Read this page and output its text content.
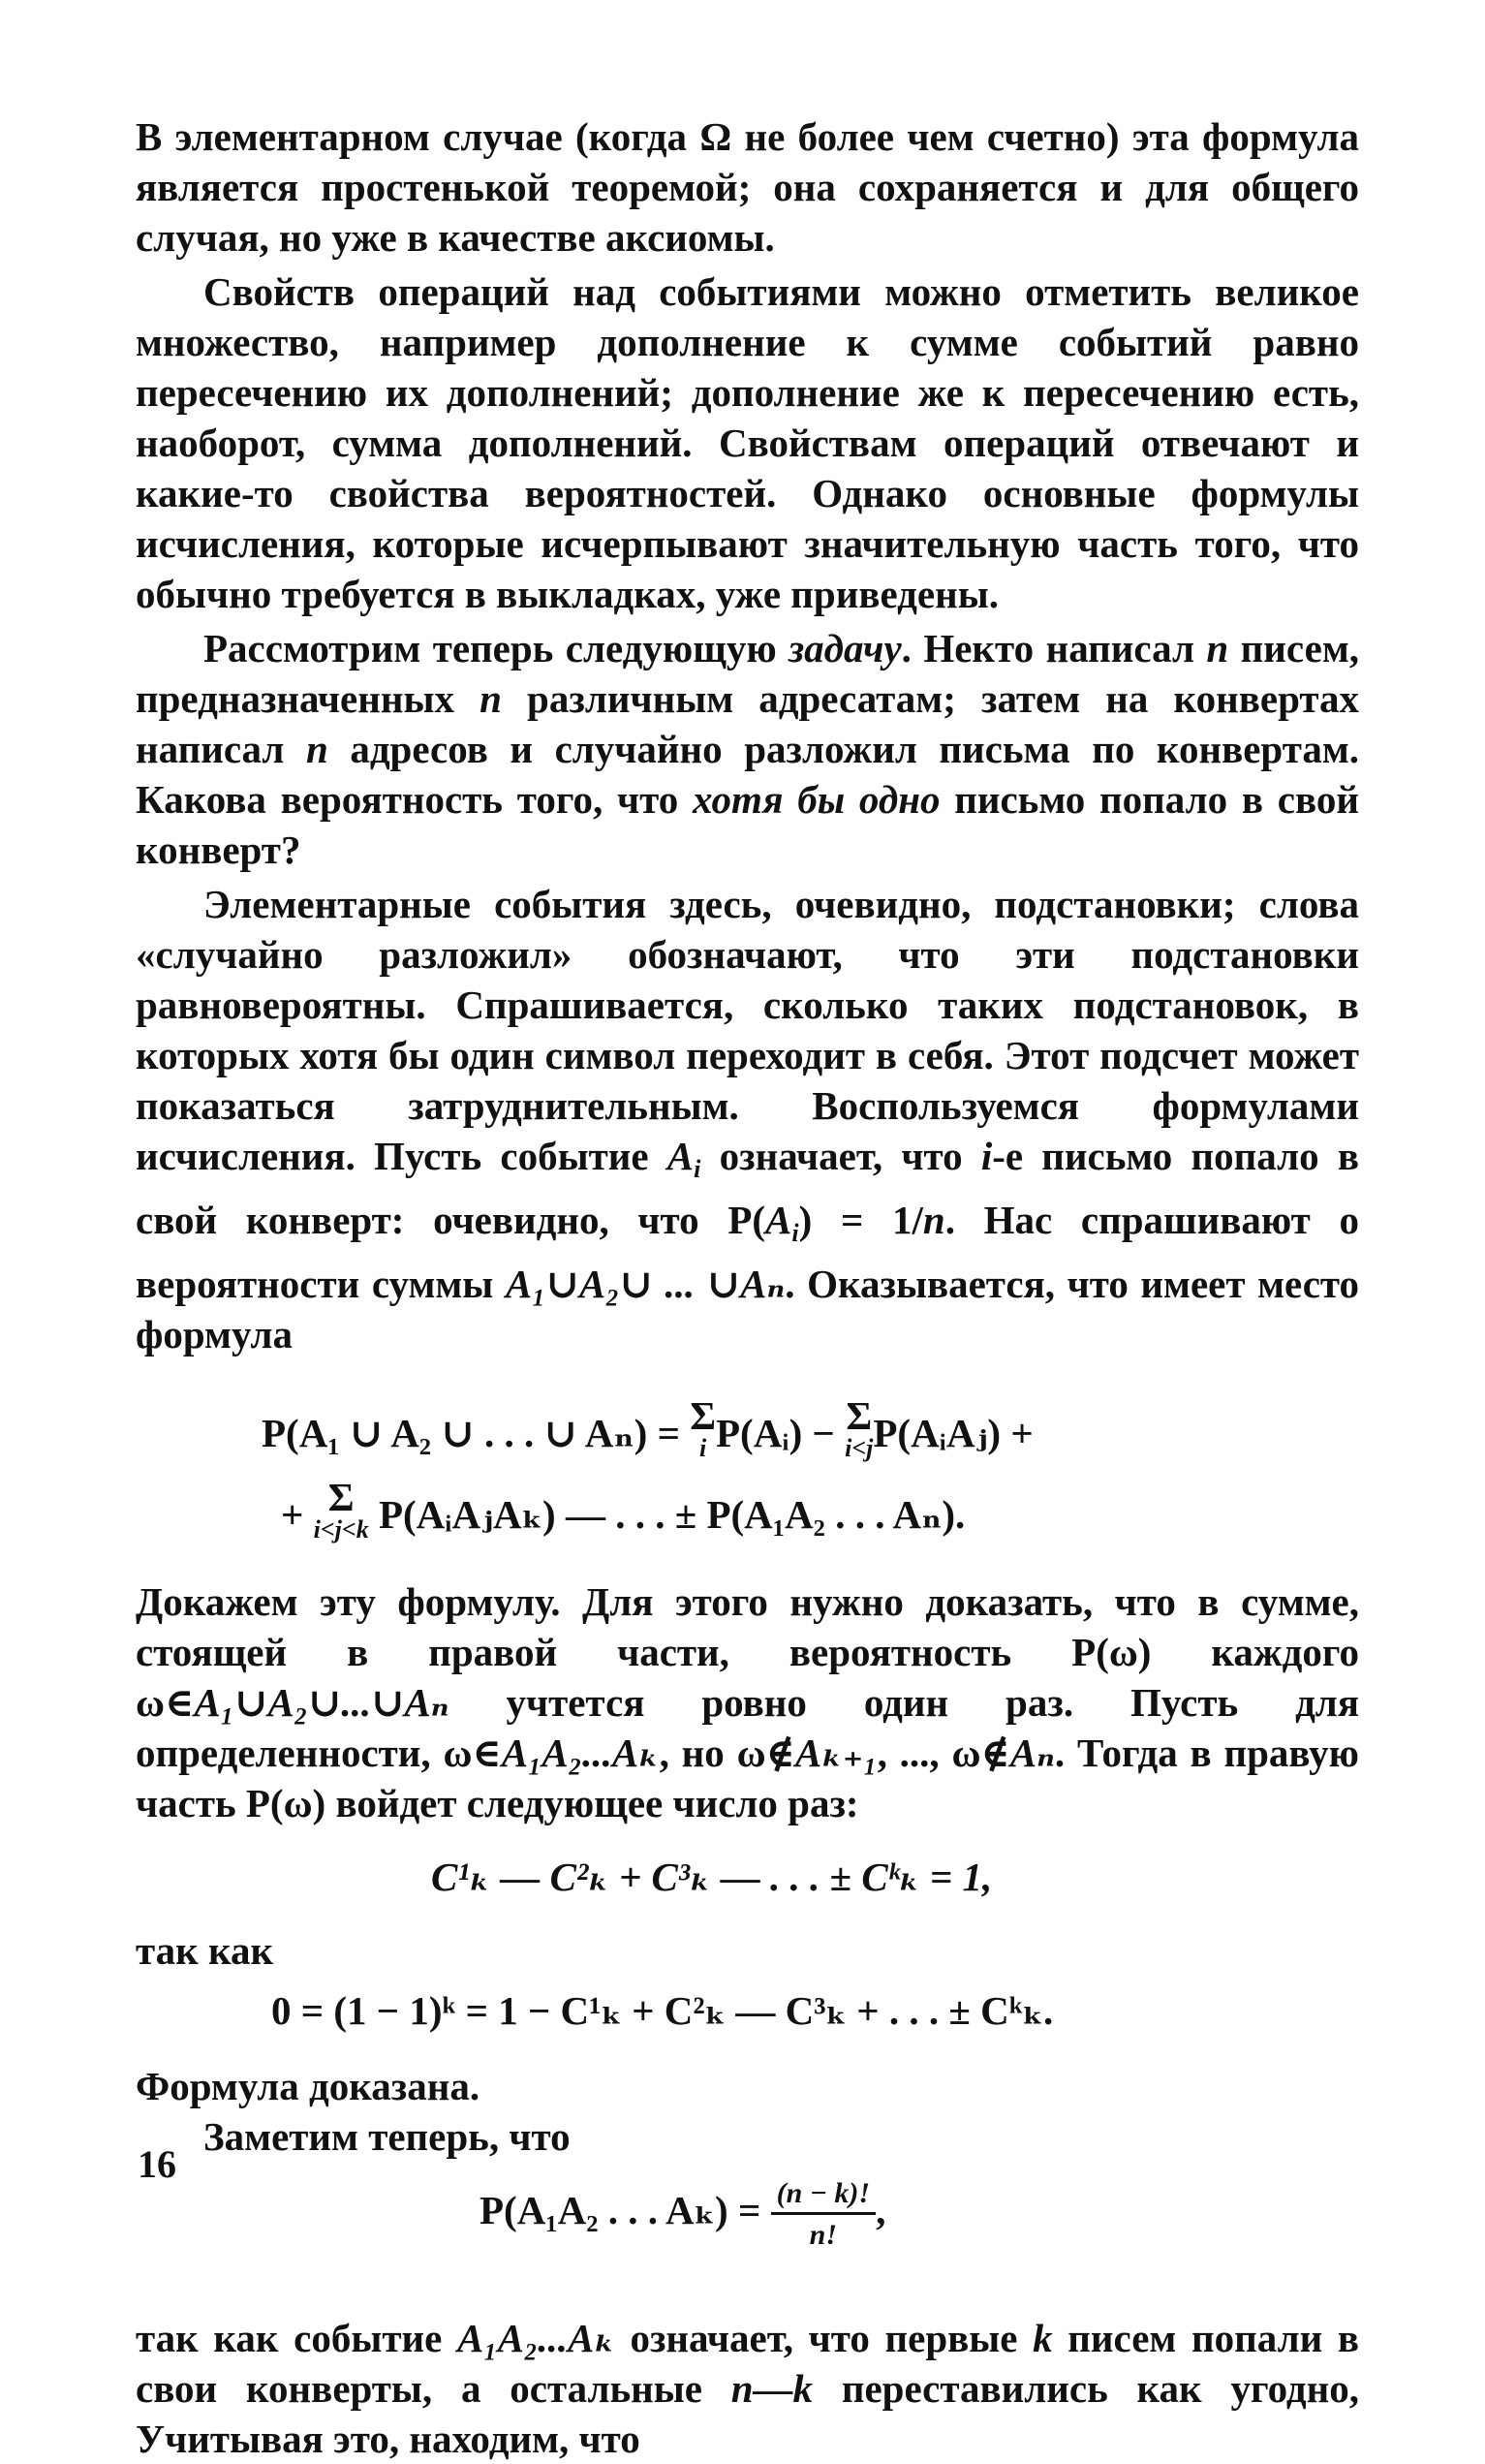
В элементарном случае (когда Ω не более чем счетно) эта формула является простенькой теоремой; она сохраняется и для общего случая, но уже в качестве аксиомы.

Свойств операций над событиями можно отметить великое множество, например дополнение к сумме событий равно пересечению их дополнений; дополнение же к пересечению есть, наоборот, сумма дополнений. Свойствам операций отвечают и какие-то свойства вероятностей. Однако основные формулы исчисления, которые исчерпывают значительную часть того, что обычно требуется в выкладках, уже приведены.

Рассмотрим теперь следующую задачу. Некто написал n писем, предназначенных n различным адресатам; затем на конвертах написал n адресов и случайно разложил письма по конвертам. Какова вероятность того, что хотя бы одно письмо попало в свой конверт?

Элементарные события здесь, очевидно, подстановки; слова «случайно разложил» обозначают, что эти подстановки равновероятны. Спрашивается, сколько таких подстановок, в которых хотя бы один символ переходит в себя. Этот подсчет может показаться затруднительным. Воспользуемся формулами исчисления. Пусть событие $A_i$ означает, что i-е письмо попало в свой конверт: очевидно, что $P(A_i) = 1/n$. Нас спрашивают о вероятности суммы A₁∪A₂∪ ... ∪Aₙ. Оказывается, что имеет место формула

P(A₁ ∪ A₂ ∪ . . . ∪ Aₙ) = Σ
i P(Aᵢ) − Σ
i<j P(AᵢAⱼ) +
+ Σ
i<j<k P(AᵢAⱼAₖ) — . . . ± P(A₁A₂ . . . Aₙ).

Докажем эту формулу. Для этого нужно доказать, что в сумме, стоящей в правой части, вероятность P(ω) каждого ω∈A₁∪A₂∪...∪Aₙ учтется ровно один раз. Пусть для определенности, ω∈A₁A₂...Aₖ, но ω∉Aₖ₊₁, ..., ω∉Aₙ. Тогда в правую часть P(ω) войдет следующее число раз:

C¹ₖ — C²ₖ + C³ₖ — . . . ± Cᵏₖ = 1,

так как

0 = (1 − 1)ᵏ = 1 − C¹ₖ + C²ₖ — C³ₖ + . . . ± Cᵏₖ.

Формула доказана.

Заметим теперь, что

P(A₁A₂ . . . $A_k) = \frac{(n - k)!}{n!}$ ,

так как событие A₁A₂...Aₖ означает, что первые k писем попали в свои конверты, а остальные n—k переставились как угодно, Учитывая это, находим, что

16
